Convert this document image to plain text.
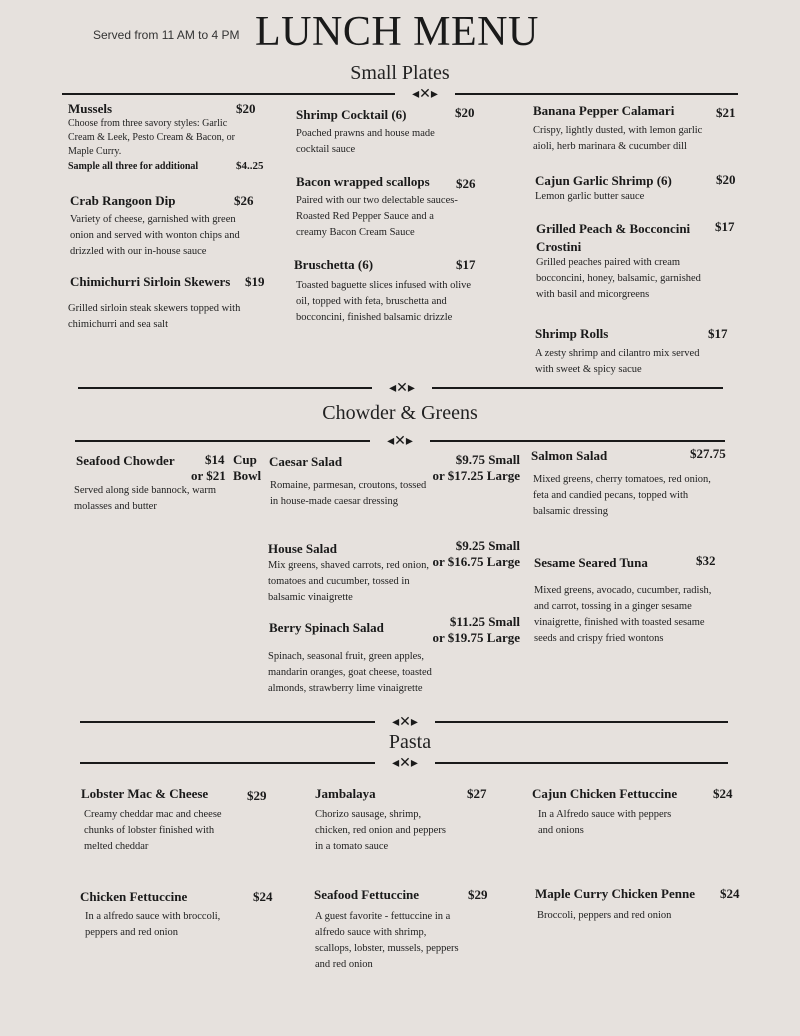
Served from 11 AM to 4 PM LUNCH MENU
Small Plates
◂✕▸
Mussels	$20
Choose from three savory styles: Garlic Cream & Leek, Pesto Cream & Bacon, or Maple Curry.
Sample all three for additional	$4..25
Crab Rangoon Dip	$26
Variety of cheese, garnished with green onion and served with wonton chips and drizzled with our in-house sauce
Chimichurri Sirloin Skewers $19
Grilled sirloin steak skewers topped with chimichurri and sea salt
Shrimp Cocktail (6)	$20
Poached prawns and house made cocktail sauce
Bacon wrapped scallops $26
Paired with our two delectable sauces- Roasted Red Pepper Sauce and a creamy Bacon Cream Sauce
Bruschetta (6)	$17
Toasted baguette slices infused with olive oil, topped with feta, bruschetta and bocconcini, finished balsamic drizzle
Banana Pepper Calamari	$21
Crispy, lightly dusted, with lemon garlic aioli, herb marinara & cucumber dill
Cajun Garlic Shrimp (6)	$20
Lemon garlic butter sauce
Grilled Peach & Bocconcini Crostini
$17
Grilled peaches paired with cream bocconcini, honey, balsamic, garnished with basil and micorgreens
Shrimp Rolls	$17
A zesty shrimp and cilantro mix served with sweet & spicy sacue
◂✕▸
Chowder & Greens
◂✕▸
Seafood Chowder $14 Cup
or $21 Bowl
Served along side bannock, warm molasses and butter
Caesar Salad	$9.75 Small
or $17.25 Large
Romaine, parmesan, croutons, tossed in house-made caesar dressing
House Salad	$9.25 Small
or $16.75 Large
Mix greens, shaved carrots, red onion, tomatoes and cucumber, tossed in balsamic vinaigrette
Berry Spinach Salad	$11.25 Small
or $19.75 Large
Spinach, seasonal fruit, green apples, mandarin oranges, goat cheese, toasted almonds, strawberry lime vinaigrette
Salmon Salad	$27.75
Mixed greens, cherry tomatoes, red onion, feta and candied pecans, topped with balsamic dressing
Sesame Seared Tuna	$32
Mixed greens, avocado, cucumber, radish, and carrot, tossing in a ginger sesame vinaigrette, finished with toasted sesame seeds and crispy fried wontons
◂✕▸
Pasta
◂✕▸
Lobster Mac & Cheese	$29
Creamy cheddar mac and cheese chunks of lobster finished with melted cheddar
Jambalaya	$27
Chorizo sausage, shrimp, chicken, red onion and peppers in a tomato sauce
Cajun Chicken Fettuccine	$24
In a Alfredo sauce with peppers and onions
Chicken Fettuccine	$24
In a alfredo sauce with broccoli, peppers and red onion
Seafood Fettuccine	$29
A guest favorite - fettuccine in a alfredo sauce with shrimp, scallops, lobster, mussels, peppers and red onion
Maple Curry Chicken Penne $24
Broccoli, peppers and red onion
